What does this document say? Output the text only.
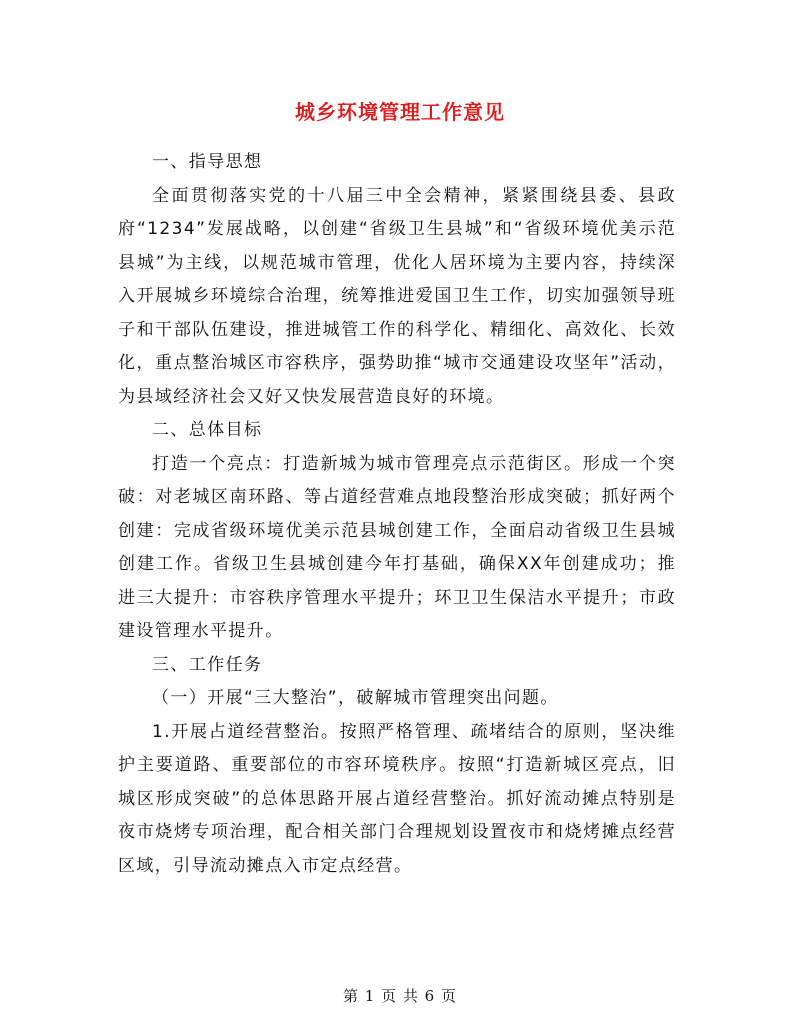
城乡环境管理工作意见

一、指导思想

全面贯彻落实党的十八届三中全会精神，紧紧围绕县委、县政府“1234”发展战略，以创建“省级卫生县城”和“省级环境优美示范县城”为主线，以规范城市管理，优化人居环境为主要内容，持续深入开展城乡环境综合治理，统筹推进爱国卫生工作，切实加强领导班子和干部队伍建设，推进城管工作的科学化、精细化、高效化、长效化，重点整治城区市容秩序，强势助推“城市交通建设攻坚年”活动，为县域经济社会又好又快发展营造良好的环境。

二、总体目标

打造一个亮点：打造新城为城市管理亮点示范街区。形成一个突破：对老城区南环路、等占道经营难点地段整治形成突破；抓好两个创建：完成省级环境优美示范县城创建工作，全面启动省级卫生县城创建工作。省级卫生县城创建今年打基础，确保XX年创建成功；推进三大提升：市容秩序管理水平提升；环卫卫生保洁水平提升；市政建设管理水平提升。

三、工作任务

（一）开展“三大整治”，破解城市管理突出问题。

1.开展占道经营整治。按照严格管理、疏堵结合的原则，坚决维护主要道路、重要部位的市容环境秩序。按照“打造新城区亮点，旧城区形成突破”的总体思路开展占道经营整治。抓好流动摊点特别是夜市烧烤专项治理，配合相关部门合理规划设置夜市和烧烤摊点经营区域，引导流动摊点入市定点经营。

第 1 页 共 6 页
